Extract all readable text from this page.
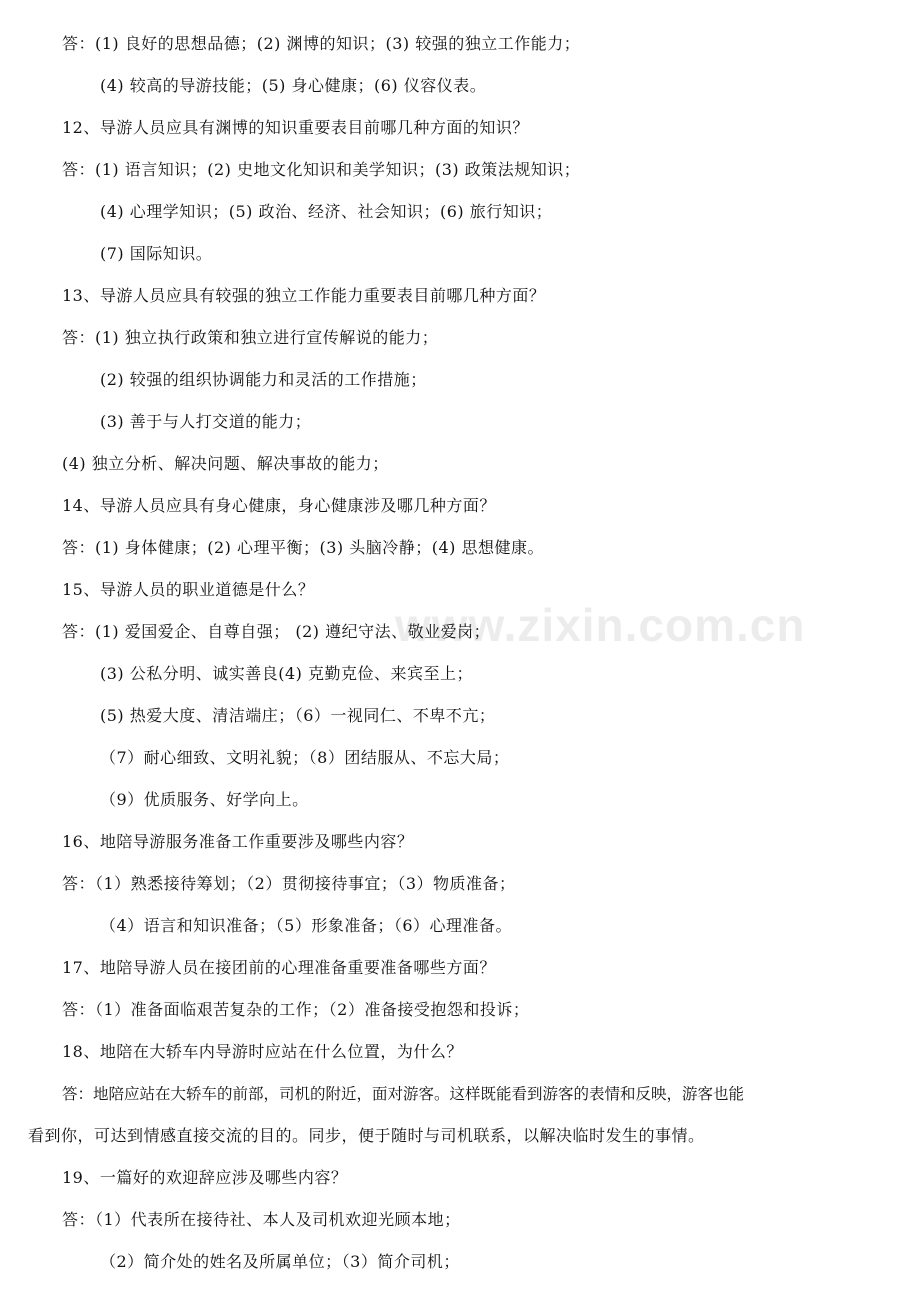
答：(1) 良好的思想品德；(2) 渊博的知识；(3) 较强的独立工作能力；
(4) 较高的导游技能；(5) 身心健康；(6) 仪容仪表。
12、导游人员应具有渊博的知识重要表目前哪几种方面的知识？
答：(1) 语言知识；(2) 史地文化知识和美学知识；(3) 政策法规知识；
(4) 心理学知识；(5) 政治、经济、社会知识；(6) 旅行知识；
(7) 国际知识。
13、导游人员应具有较强的独立工作能力重要表目前哪几种方面？
答：(1) 独立执行政策和独立进行宣传解说的能力；
(2) 较强的组织协调能力和灵活的工作措施；
(3) 善于与人打交道的能力；
(4) 独立分析、解决问题、解决事故的能力；
14、导游人员应具有身心健康，身心健康涉及哪几种方面？
答：(1) 身体健康；(2) 心理平衡；(3) 头脑冷静；(4) 思想健康。
15、导游人员的职业道德是什么？
答：(1) 爱国爱企、自尊自强； (2) 遵纪守法、敬业爱岗；
(3) 公私分明、诚实善良(4) 克勤克俭、来宾至上；
(5) 热爱大度、清洁端庄；（6）一视同仁、不卑不亢；
（7）耐心细致、文明礼貌；（8）团结服从、不忘大局；
（9）优质服务、好学向上。
16、地陪导游服务准备工作重要涉及哪些内容？
答：（1）熟悉接待筹划；（2）贯彻接待事宜；（3）物质准备；
（4）语言和知识准备；（5）形象准备；（6）心理准备。
17、地陪导游人员在接团前的心理准备重要准备哪些方面？
答：（1）准备面临艰苦复杂的工作；（2）准备接受抱怨和投诉；
18、地陪在大轿车内导游时应站在什么位置，为什么？
答：地陪应站在大轿车的前部，司机的附近，面对游客。这样既能看到游客的表情和反映，游客也能
看到你，可达到情感直接交流的目的。同步，便于随时与司机联系，以解决临时发生的事情。
19、一篇好的欢迎辞应涉及哪些内容？
答：（1）代表所在接待社、本人及司机欢迎光顾本地；
（2）简介处的姓名及所属单位；（3）简介司机；
www.zixin.com.cn
